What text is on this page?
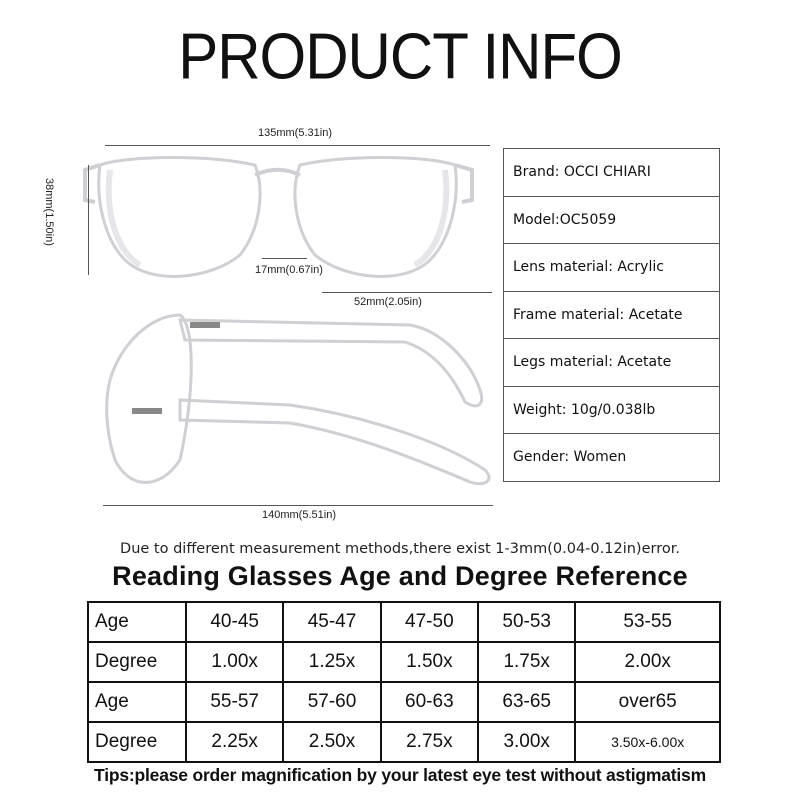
PRODUCT INFO
135mm(5.31in)
38mm(1.50in)
17mm(0.67in)
52mm(2.05in)
140mm(5.51in)
Brand: OCCI CHIARI
Model:OC5059
Lens material: Acrylic
Frame material: Acetate
Legs material: Acetate
Weight: 10g/0.038lb
Gender: Women
Due to different measurement methods,there exist 1-3mm(0.04-0.12in)error.
Reading Glasses Age and Degree Reference
Age	40-45	45-47	47-50	50-53	53-55
Degree	1.00x	1.25x	1.50x	1.75x	2.00x
Age	55-57	57-60	60-63	63-65	over65
Degree	2.25x	2.50x	2.75x	3.00x	3.50x-6.00x
Tips:please order magnification by your latest eye test without astigmatism
